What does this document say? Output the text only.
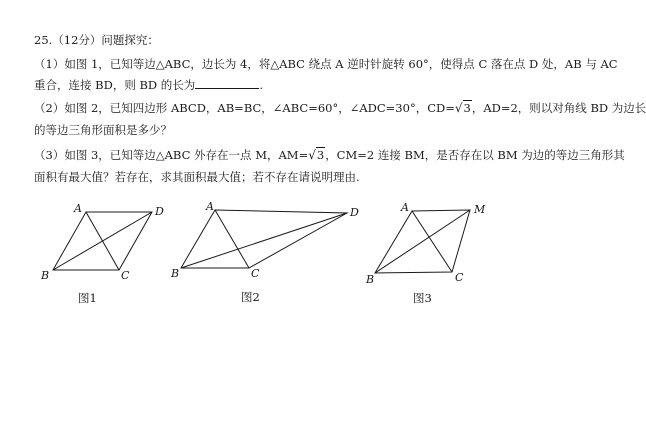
25.（12分）问题探究：
（1）如图 1，已知等边△ABC，边长为 4，将△ABC 绕点 A 逆时针旋转 60°，使得点 C 落在点 D 处，AB 与 AC
重合，连接 BD，则 BD 的长为	.
（2）如图 2，已知四边形 ABCD，AB=BC，∠ABC=60°，∠ADC=30°，CD=√3，AD=2，则以对角线 BD 为边长
的等边三角形面积是多少？
（3）如图 3，已知等边△ABC 外存在一点 M，AM=√3，CM=2 连接 BM，是否存在以 BM 为边的等边三角形其
面积有最大值？若存在，求其面积最大值；若不存在请说明理由.
A	D
B	C
图1
A	D
B	C
图2
A	M
B	C
图3
